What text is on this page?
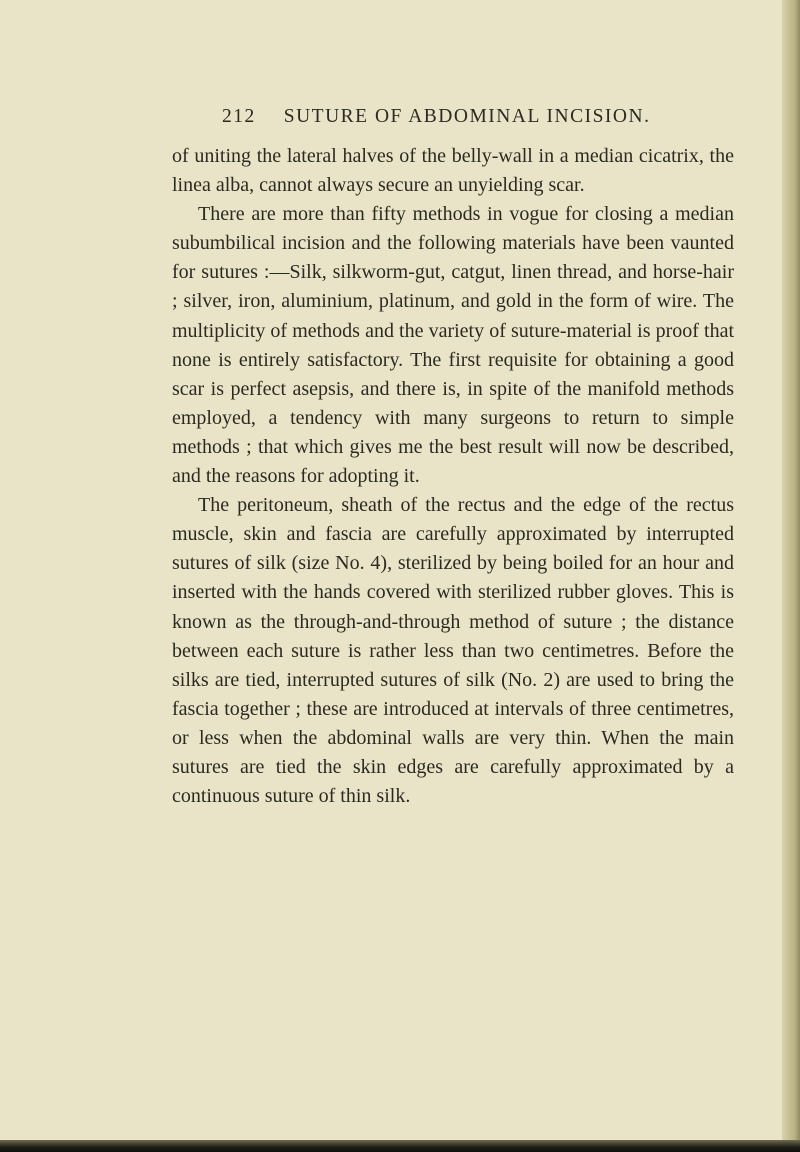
212 SUTURE OF ABDOMINAL INCISION.

of uniting the lateral halves of the belly-wall in a median cicatrix, the linea alba, cannot always secure an unyielding scar.

There are more than fifty methods in vogue for closing a median subumbilical incision and the following materials have been vaunted for sutures :—Silk, silkworm-gut, catgut, linen thread, and horse-hair ; silver, iron, aluminium, platinum, and gold in the form of wire. The multiplicity of methods and the variety of suture-material is proof that none is entirely satisfactory. The first requisite for obtaining a good scar is perfect asepsis, and there is, in spite of the manifold methods employed, a tendency with many surgeons to return to simple methods ; that which gives me the best result will now be described, and the reasons for adopting it.

The peritoneum, sheath of the rectus and the edge of the rectus muscle, skin and fascia are carefully approximated by interrupted sutures of silk (size No. 4), sterilized by being boiled for an hour and inserted with the hands covered with sterilized rubber gloves. This is known as the through-and-through method of suture ; the distance between each suture is rather less than two centimetres. Before the silks are tied, interrupted sutures of silk (No. 2) are used to bring the fascia together ; these are introduced at intervals of three centimetres, or less when the abdominal walls are very thin. When the main sutures are tied the skin edges are carefully approximated by a continuous suture of thin silk.
